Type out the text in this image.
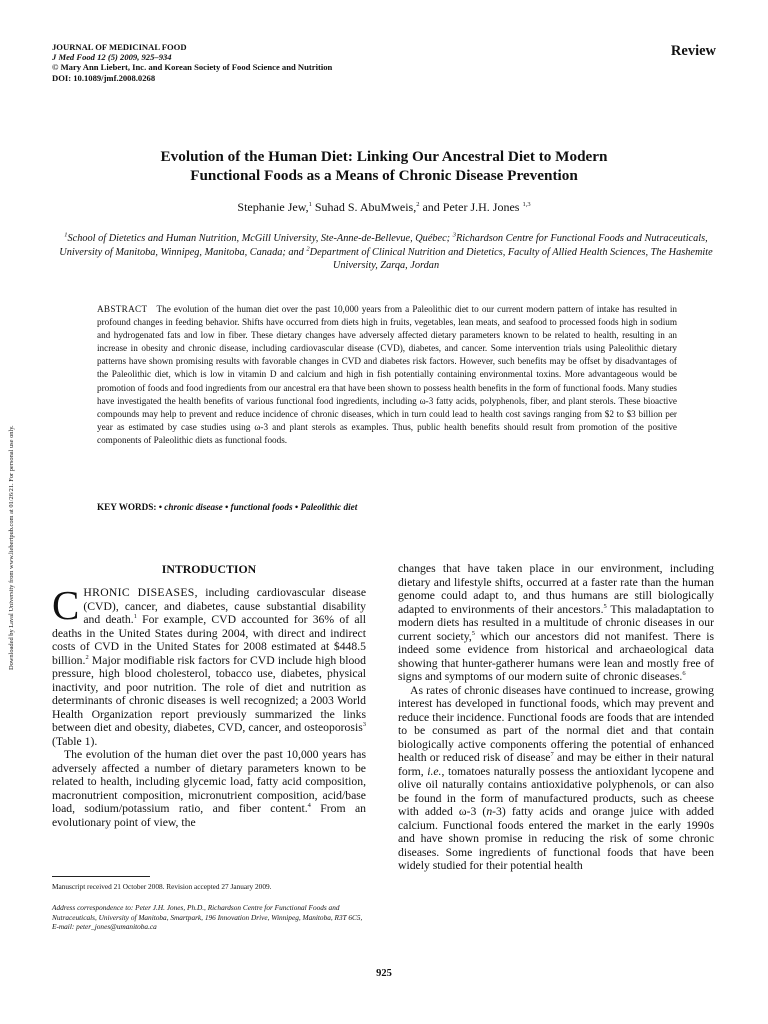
JOURNAL OF MEDICINAL FOOD
J Med Food 12 (5) 2009, 925–934
© Mary Ann Liebert, Inc. and Korean Society of Food Science and Nutrition
DOI: 10.1089/jmf.2008.0268
Review
Downloaded by Laval University from www.liebertpub.com at 01/26/21. For personal use only.
Evolution of the Human Diet: Linking Our Ancestral Diet to Modern
Functional Foods as a Means of Chronic Disease Prevention
Stephanie Jew,$^1$ Suhad S. AbuMweis,$^2$ and Peter J.H. Jones $^{1,3}$
$^1$School of Dietetics and Human Nutrition, McGill University, Ste-Anne-de-Bellevue, Québec; $^3$Richardson Centre for Functional Foods and Nutraceuticals, University of Manitoba, Winnipeg, Manitoba, Canada; and $^2$Department of Clinical Nutrition and Dietetics, Faculty of Allied Health Sciences, The Hashemite University, Zarqa, Jordan
ABSTRACT The evolution of the human diet over the past 10,000 years from a Paleolithic diet to our current modern pattern of intake has resulted in profound changes in feeding behavior. Shifts have occurred from diets high in fruits, vegetables, lean meats, and seafood to processed foods high in sodium and hydrogenated fats and low in fiber. These dietary changes have adversely affected dietary parameters known to be related to health, resulting in an increase in obesity and chronic disease, including cardiovascular disease (CVD), diabetes, and cancer. Some intervention trials using Paleolithic dietary patterns have shown promising results with favorable changes in CVD and diabetes risk factors. However, such benefits may be offset by disadvantages of the Paleolithic diet, which is low in vitamin D and calcium and high in fish potentially containing environmental toxins. More advantageous would be promotion of foods and food ingredients from our ancestral era that have been shown to possess health benefits in the form of functional foods. Many studies have investigated the health benefits of various functional food ingredients, including ω-3 fatty acids, polyphenols, fiber, and plant sterols. These bioactive compounds may help to prevent and reduce incidence of chronic diseases, which in turn could lead to health cost savings ranging from $2 to $3 billion per year as estimated by case studies using ω-3 and plant sterols as examples. Thus, public health benefits should result from promotion of the positive components of Paleolithic diets as functional foods.
KEY WORDS: • chronic disease • functional foods • Paleolithic diet
INTRODUCTION

CHRONIC DISEASES, including cardiovascular disease (CVD), cancer, and diabetes, cause substantial disability and death.$^1$ For example, CVD accounted for 36% of all deaths in the United States during 2004, with direct and indirect costs of CVD in the United States for 2008 estimated at $448.5 billion.$^2$ Major modifiable risk factors for CVD include high blood pressure, high blood cholesterol, tobacco use, diabetes, physical inactivity, and poor nutrition. The role of diet and nutrition as determinants of chronic diseases is well recognized; a 2003 World Health Organization report previously summarized the links between diet and obesity, diabetes, CVD, cancer, and osteoporosis$^3$ (Table 1).

The evolution of the human diet over the past 10,000 years has adversely affected a number of dietary parameters known to be related to health, including glycemic load, fatty acid composition, macronutrient composition, micronutrient composition, acid/base load, sodium/potassium ratio, and fiber content.$^4$ From an evolutionary point of view, the

changes that have taken place in our environment, including dietary and lifestyle shifts, occurred at a faster rate than the human genome could adapt to, and thus humans are still biologically adapted to environments of their ancestors.$^5$ This maladaptation to modern diets has resulted in a multitude of chronic diseases in our current society,$^5$ which our ancestors did not manifest. There is indeed some evidence from historical and archaeological data showing that hunter-gatherer humans were lean and mostly free of signs and symptoms of our modern suite of chronic diseases.$^6$

As rates of chronic diseases have continued to increase, growing interest has developed in functional foods, which may prevent and reduce their incidence. Functional foods are foods that are intended to be consumed as part of the normal diet and that contain biologically active components offering the potential of enhanced health or reduced risk of disease$^7$ and may be either in their natural form, i.e., tomatoes naturally possess the antioxidant lycopene and olive oil naturally contains antioxidative polyphenols, or can also be found in the form of manufactured products, such as cheese with added ω-3 (n-3) fatty acids and orange juice with added calcium. Functional foods entered the market in the early 1990s and have shown promise in reducing the risk of some chronic diseases. Some ingredients of functional foods that have been widely studied for their potential health

Manuscript received 21 October 2008. Revision accepted 27 January 2009.
Address correspondence to: Peter J.H. Jones, Ph.D., Richardson Centre for Functional Foods and Nutraceuticals, University of Manitoba, Smartpark, 196 Innovation Drive, Winnipeg, Manitoba, R3T 6C5, E-mail: peter_jones@umanitoba.ca
925
